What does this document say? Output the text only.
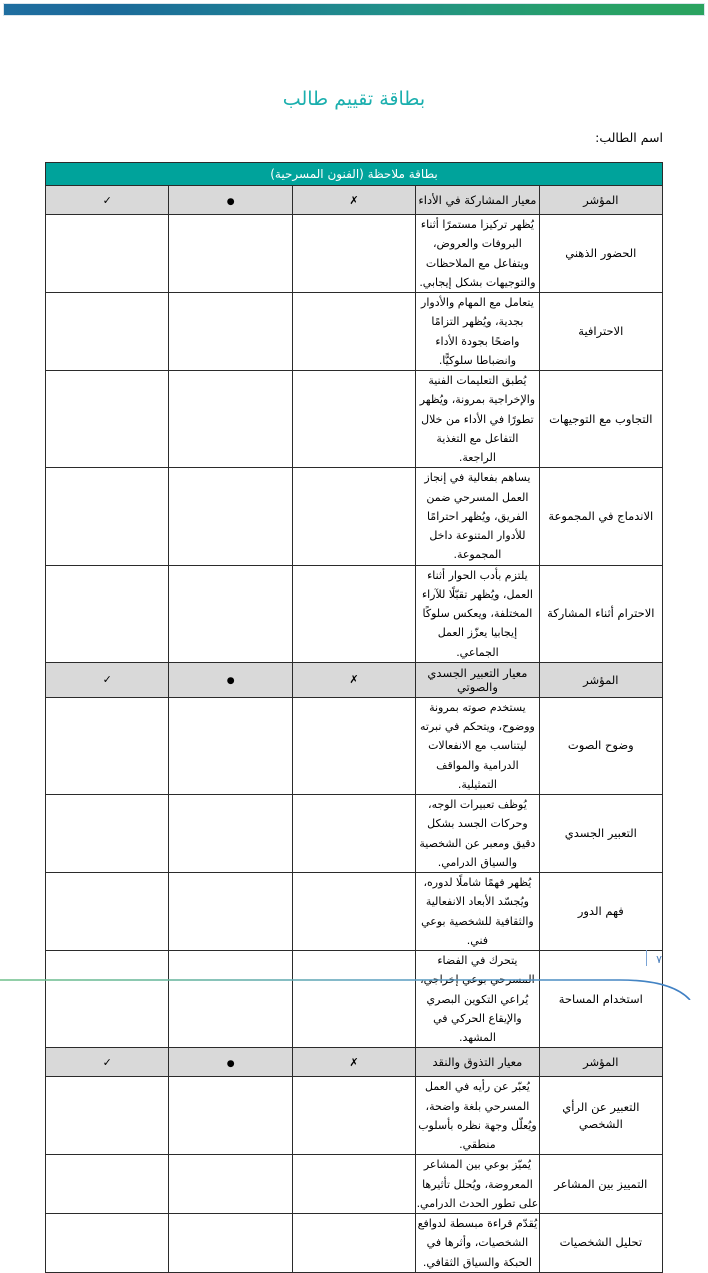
بطاقة تقييم طالب
اسم الطالب:
بطاقة ملاحظة (الفنون المسرحية)				
المؤشر	معيار المشاركة في الأداء	✗	●	✓
الحضور الذهني	يُظهر تركيزا مستمرًا أثناء البروفات والعروض، ويتفاعل مع الملاحظات والتوجيهات بشكل إيجابي.			
الاحترافية	يتعامل مع المهام والأدوار بجدية، ويُظهر التزامًا واضحًا بجودة الأداء وانضباطا سلوكيًّا.			
التجاوب مع التوجيهات	يُطبق التعليمات الفنية والإخراجية بمرونة، ويُظهر تطورًا في الأداء من خلال التفاعل مع التغذية الراجعة.			
الاندماج في المجموعة	يساهم بفعالية في إنجاز العمل المسرحي ضمن الفريق، ويُظهر احترامًا للأدوار المتنوعة داخل المجموعة.			
الاحترام أثناء المشاركة	يلتزم بأدب الحوار أثناء العمل، ويُظهر تقبّلًا للآراء المختلفة، ويعكس سلوكًا إيجابيا يعزّز العمل الجماعي.			
المؤشر	معيار التعبير الجسدي والصوتي	✗	●	✓
وضوح الصوت	يستخدم صوته بمرونة ووضوح، ويتحكم في نبرته ليتناسب مع الانفعالات الدرامية والمواقف التمثيلية.			
التعبير الجسدي	يُوظف تعبيرات الوجه، وحركات الجسد بشكل دقيق ومعبر عن الشخصية والسياق الدرامي.			
فهم الدور	يُظهر فهمًا شاملًا لدوره، ويُجسّد الأبعاد الانفعالية والثقافية للشخصية بوعي فني.			
استخدام المساحة	يتحرك في الفضاء المسرحي بوعي إخراجي، يُراعي التكوين البصري والإيقاع الحركي في المشهد.			
المؤشر	معيار التذوق والنقد	✗	●	✓
التعبير عن الرأي الشخصي	يُعبّر عن رأيه في العمل المسرحي بلغة واضحة، ويُعلّل وجهة نظره بأسلوب منطقي.			
التمييز بين المشاعر	يُميّز بوعي بين المشاعر المعروضة، ويُحلل تأثيرها على تطور الحدث الدرامي.			
تحليل الشخصيات	يُقدّم قراءة مبسطة لدوافع الشخصيات، وأثرها في الحبكة والسياق الثقافي.			
٧
